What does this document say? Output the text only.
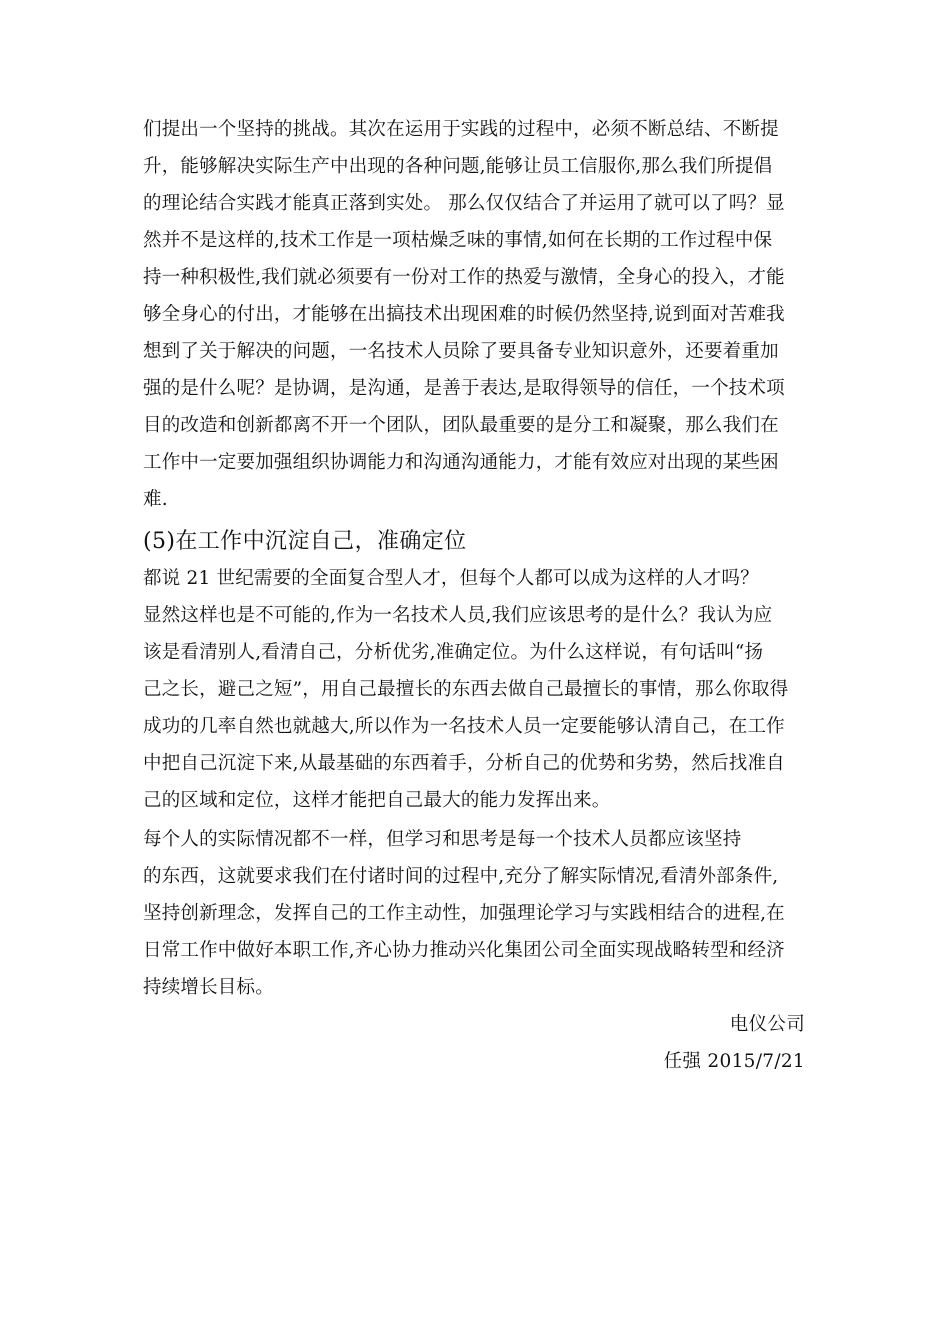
们提出一个坚持的挑战。其次在运用于实践的过程中，必须不断总结、不断提
升，能够解决实际生产中出现的各种问题,能够让员工信服你,那么我们所提倡
的理论结合实践才能真正落到实处。 那么仅仅结合了并运用了就可以了吗？显
然并不是这样的,技术工作是一项枯燥乏味的事情,如何在长期的工作过程中保
持一种积极性,我们就必须要有一份对工作的热爱与激情，全身心的投入，才能
够全身心的付出，才能够在出搞技术出现困难的时候仍然坚持,说到面对苦难我
想到了关于解决的问题，一名技术人员除了要具备专业知识意外，还要着重加
强的是什么呢？是协调，是沟通，是善于表达,是取得领导的信任，一个技术项
目的改造和创新都离不开一个团队，团队最重要的是分工和凝聚，那么我们在
工作中一定要加强组织协调能力和沟通沟通能力，才能有效应对出现的某些困
难.
(5)在工作中沉淀自己，准确定位
都说 21 世纪需要的全面复合型人才，但每个人都可以成为这样的人才吗？
显然这样也是不可能的,作为一名技术人员,我们应该思考的是什么？我认为应
该是看清别人,看清自己，分析优劣,准确定位。为什么这样说，有句话叫“扬
己之长，避己之短”，用自己最擅长的东西去做自己最擅长的事情，那么你取得
成功的几率自然也就越大,所以作为一名技术人员一定要能够认清自己，在工作
中把自己沉淀下来,从最基础的东西着手，分析自己的优势和劣势，然后找准自
己的区域和定位，这样才能把自己最大的能力发挥出来。
每个人的实际情况都不一样，但学习和思考是每一个技术人员都应该坚持
的东西，这就要求我们在付诸时间的过程中,充分了解实际情况,看清外部条件,
坚持创新理念，发挥自己的工作主动性，加强理论学习与实践相结合的进程,在
日常工作中做好本职工作,齐心协力推动兴化集团公司全面实现战略转型和经济
持续增长目标。
电仪公司
任强 2015/7/21
